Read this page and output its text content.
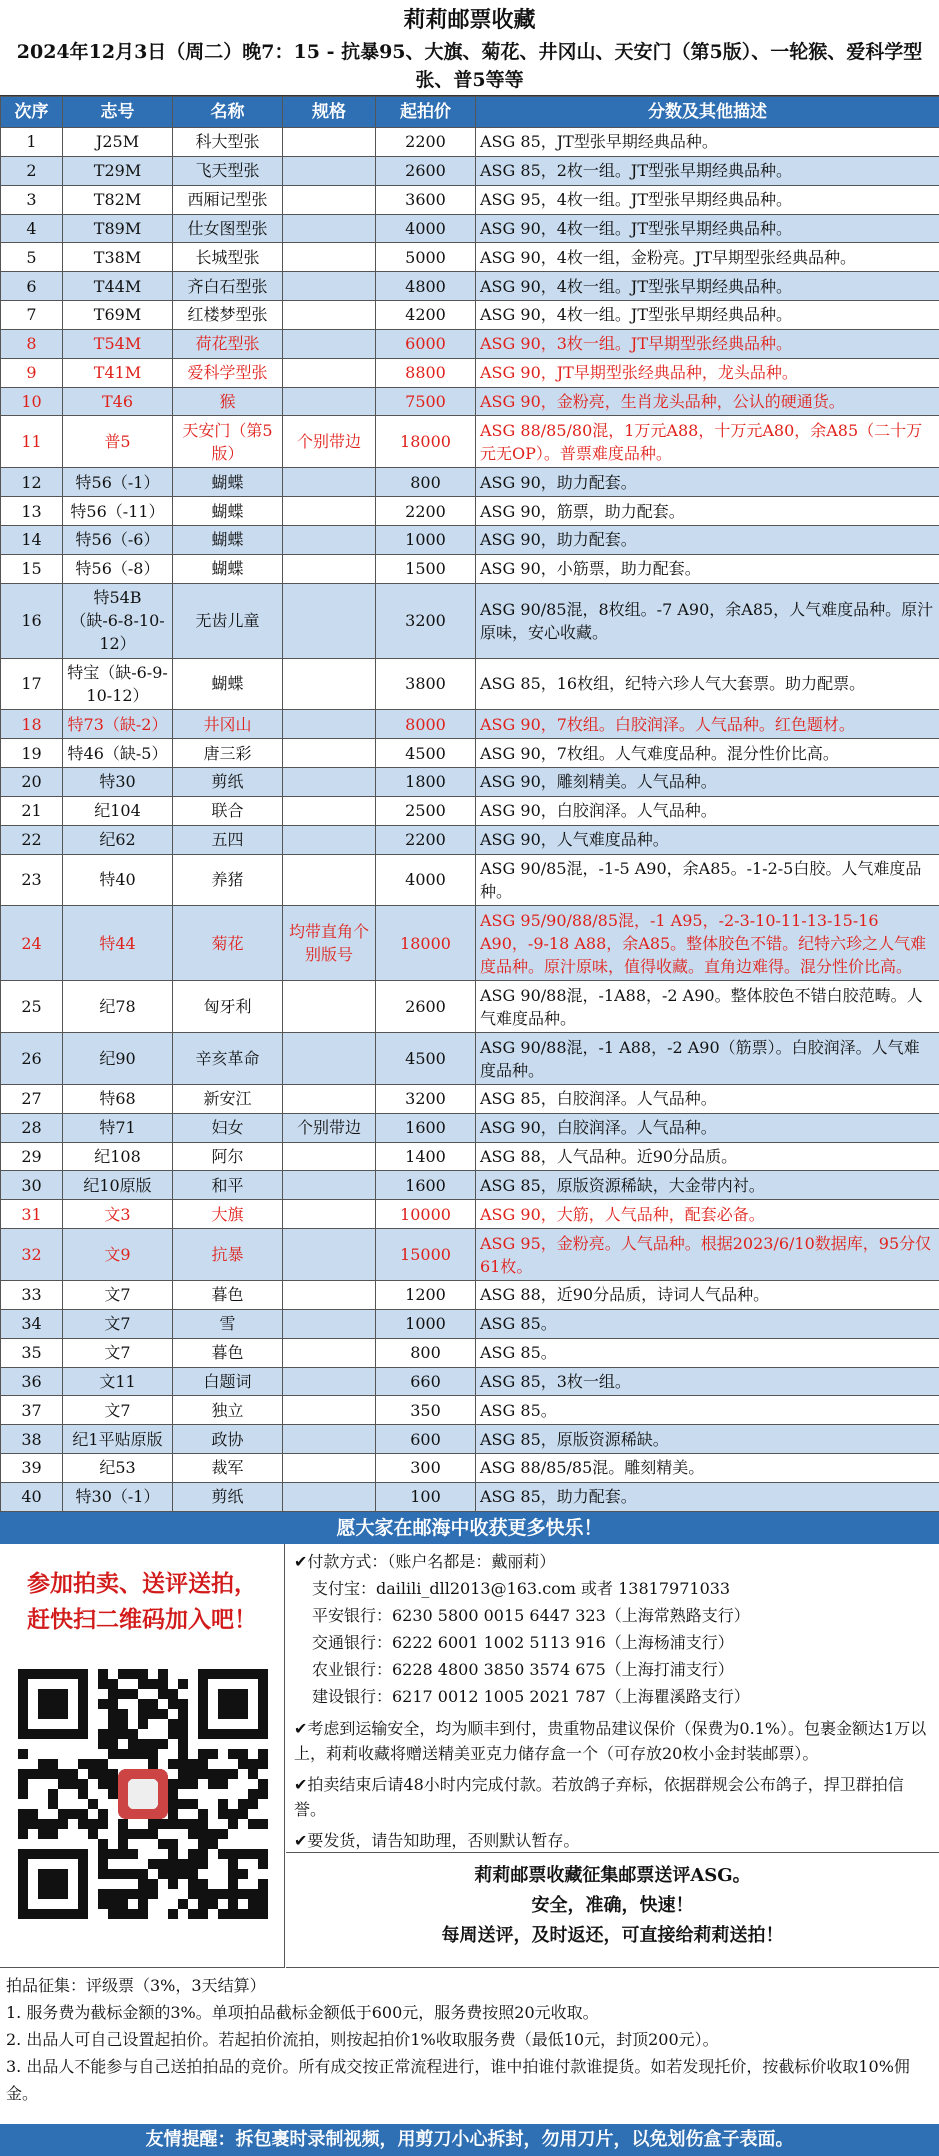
莉莉邮票收藏
2024年12月3日（周二）晚7：15 - 抗暴95、大旗、菊花、井冈山、天安门（第5版）、一轮猴、爱科学型张、普5等等
次序	志号	名称	规格	起拍价	分数及其他描述
1	J25M	科大型张		2200	ASG 85，JT型张早期经典品种。
2	T29M	飞天型张		2600	ASG 85，2枚一组。JT型张早期经典品种。
3	T82M	西厢记型张		3600	ASG 95，4枚一组。JT型张早期经典品种。
4	T89M	仕女图型张		4000	ASG 90，4枚一组。JT型张早期经典品种。
5	T38M	长城型张		5000	ASG 90，4枚一组，金粉亮。JT早期型张经典品种。
6	T44M	齐白石型张		4800	ASG 90，4枚一组。JT型张早期经典品种。
7	T69M	红楼梦型张		4200	ASG 90，4枚一组。JT型张早期经典品种。
8	T54M	荷花型张		6000	ASG 90，3枚一组。JT早期型张经典品种。
9	T41M	爱科学型张		8800	ASG 90，JT早期型张经典品种，龙头品种。
10	T46	猴		7500	ASG 90，金粉亮，生肖龙头品种，公认的硬通货。
11	普5	天安门（第5版）	个别带边	18000	ASG 88/85/80混，1万元A88，十万元A80，余A85（二十万元无OP）。普票难度品种。
12	特56（-1）	蝴蝶		800	ASG 90，助力配套。
13	特56（-11）	蝴蝶		2200	ASG 90，筋票，助力配套。
14	特56（-6）	蝴蝶		1000	ASG 90，助力配套。
15	特56（-8）	蝴蝶		1500	ASG 90，小筋票，助力配套。
16	特54B（缺-6-8-10-12）	无齿儿童		3200	ASG 90/85混，8枚组。-7 A90，余A85，人气难度品种。原汁原味，安心收藏。
17	特宝（缺-6-9-10-12）	蝴蝶		3800	ASG 85，16枚组，纪特六珍人气大套票。助力配票。
18	特73（缺-2）	井冈山		8000	ASG 90，7枚组。白胶润泽。人气品种。红色题材。
19	特46（缺-5）	唐三彩		4500	ASG 90，7枚组。人气难度品种。混分性价比高。
20	特30	剪纸		1800	ASG 90，雕刻精美。人气品种。
21	纪104	联合		2500	ASG 90，白胶润泽。人气品种。
22	纪62	五四		2200	ASG 90，人气难度品种。
23	特40	养猪		4000	ASG 90/85混，-1-5 A90，余A85。-1-2-5白胶。人气难度品种。
24	特44	菊花	均带直角个别版号	18000	ASG 95/90/88/85混，-1 A95，-2-3-10-11-13-15-16 A90，-9-18 A88，余A85。整体胶色不错。纪特六珍之人气难度品种。原汁原味，值得收藏。直角边难得。混分性价比高。
25	纪78	匈牙利		2600	ASG 90/88混，-1A88，-2 A90。整体胶色不错白胶范畴。人气难度品种。
26	纪90	辛亥革命		4500	ASG 90/88混，-1 A88，-2 A90（筋票）。白胶润泽。人气难度品种。
27	特68	新安江		3200	ASG 85，白胶润泽。人气品种。
28	特71	妇女	个别带边	1600	ASG 90，白胶润泽。人气品种。
29	纪108	阿尔		1400	ASG 88，人气品种。近90分品质。
30	纪10原版	和平		1600	ASG 85，原版资源稀缺，大金带内衬。
31	文3	大旗		10000	ASG 90，大筋，人气品种，配套必备。
32	文9	抗暴		15000	ASG 95，金粉亮。人气品种。根据2023/6/10数据库，95分仅61枚。
33	文7	暮色		1200	ASG 88，近90分品质，诗词人气品种。
34	文7	雪		1000	ASG 85。
35	文7	暮色		800	ASG 85。
36	文11	白题词		660	ASG 85，3枚一组。
37	文7	独立		350	ASG 85。
38	纪1平贴原版	政协		600	ASG 85，原版资源稀缺。
39	纪53	裁军		300	ASG 88/85/85混。雕刻精美。
40	特30（-1）	剪纸		100	ASG 85，助力配套。
愿大家在邮海中收获更多快乐！
参加拍卖、送评送拍，
赶快扫二维码加入吧！
✔付款方式：（账户名都是：戴丽莉）
支付宝：dailili_dll2013@163.com 或者 13817971033
平安银行：6230 5800 0015 6447 323（上海常熟路支行）
交通银行：6222 6001 1002 5113 916（上海杨浦支行）
农业银行：6228 4800 3850 3574 675（上海打浦支行）
建设银行：6217 0012 1005 2021 787（上海瞿溪路支行）
✔考虑到运输安全，均为顺丰到付，贵重物品建议保价（保费为0.1%）。包裹金额达1万以上，莉莉收藏将赠送精美亚克力储存盒一个（可存放20枚小金封装邮票）。
✔拍卖结束后请48小时内完成付款。若放鸽子弃标，依据群规会公布鸽子，捍卫群拍信誉。
✔要发货，请告知助理，否则默认暂存。
莉莉邮票收藏征集邮票送评ASG。
安全，准确，快速！
每周送评，及时返还，可直接给莉莉送拍！
拍品征集：评级票（3%，3天结算）
1. 服务费为截标金额的3%。单项拍品截标金额低于600元，服务费按照20元收取。
2. 出品人可自己设置起拍价。若起拍价流拍，则按起拍价1%收取服务费（最低10元，封顶200元）。
3. 出品人不能参与自己送拍拍品的竞价。所有成交按正常流程进行，谁中拍谁付款谁提货。如若发现托价，按截标价收取10%佣金。
友情提醒：拆包裹时录制视频，用剪刀小心拆封，勿用刀片，以免划伤盒子表面。
